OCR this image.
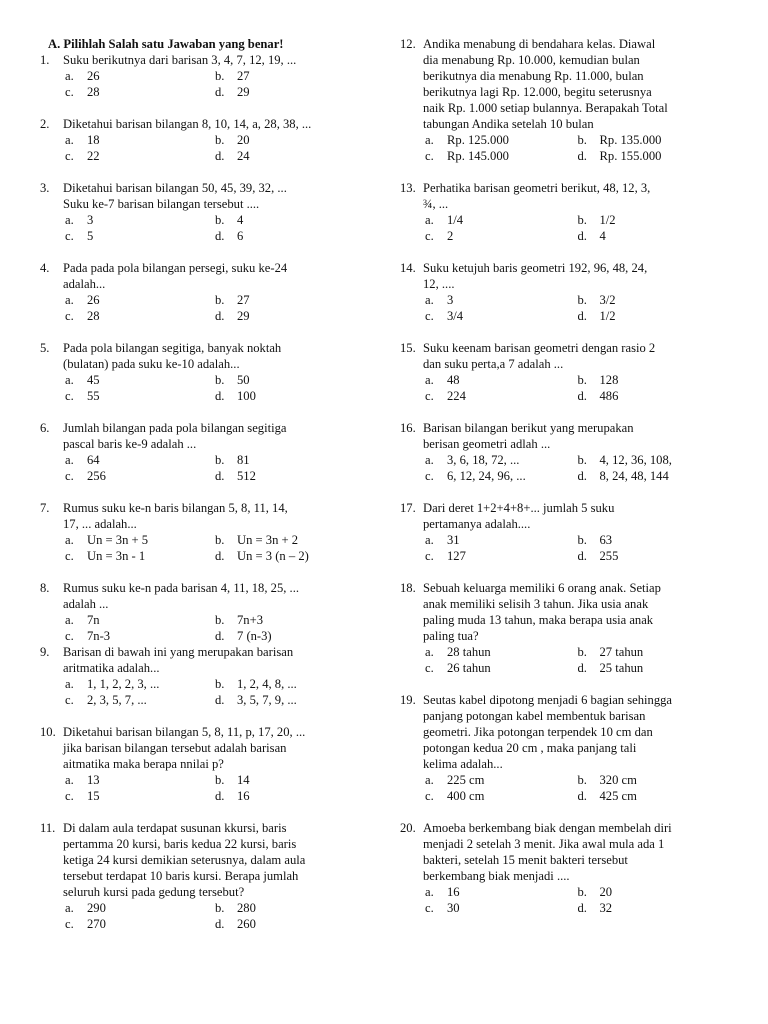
A. Pilihlah Salah satu Jawaban yang benar!
1.	Suku berikutnya dari barisan 3, 4, 7, 12, 19, ...
a.	26	b. 27
c.	28	d. 29
2.	Diketahui barisan bilangan 8, 10, 14, a, 28, 38, ...
a.	18	b. 20
c.	22	d. 24
3.	Diketahui barisan bilangan 50, 45, 39, 32, ...
Suku ke-7 barisan bilangan tersebut ....
a.	3	b. 4
c.	5	d. 6
4.	Pada pada pola bilangan persegi, suku ke-24
adalah...
a.	26	b. 27
c.	28	d. 29
5.	Pada pola bilangan segitiga, banyak noktah
(bulatan) pada suku ke-10 adalah...
a.	45	b. 50
c.	55	d. 100
6.	Jumlah bilangan pada pola bilangan segitiga
pascal baris ke-9 adalah ...
a.	64	b. 81
c.	256	d. 512
7.	Rumus suku ke-n baris bilangan 5, 8, 11, 14,
17, ... adalah...
a.	Un = 3n + 5	b. Un = 3n + 2
c.	Un = 3n - 1	d. Un = 3 (n – 2)
8.	Rumus suku ke-n pada barisan 4, 11, 18, 25, ...
adalah ...
a.	7n	b. 7n+3
c.	7n-3	d. 7 (n-3)
9.	Barisan di bawah ini yang merupakan barisan
aritmatika adalah...
a.	1, 1, 2, 2, 3, ...	b. 1, 2, 4, 8, ...
c.	2, 3, 5, 7, ...	d. 3, 5, 7, 9, ...
10. Diketahui barisan bilangan 5, 8, 11, p, 17, 20, ...
jika barisan bilangan tersebut adalah barisan
aitmatika maka berapa nnilai p?
a.	13	b. 14
c.	15	d. 16
11. Di dalam aula terdapat susunan kkursi, baris
pertamma 20 kursi, baris kedua 22 kursi, baris
ketiga 24 kursi demikian seterusnya, dalam aula
tersebut terdapat 10 baris kursi. Berapa jumlah
seluruh kursi pada gedung tersebut?
a.	290	b. 280
c.	270	d. 260
12. Andika menabung di bendahara kelas. Diawal
dia menabung Rp. 10.000, kemudian bulan
berikutnya dia menabung Rp. 11.000, bulan
berikutnya lagi Rp. 12.000, begitu seterusnya
naik Rp. 1.000 setiap bulannya. Berapakah Total
tabungan Andika setelah 10 bulan
a.	Rp. 125.000	b. Rp. 135.000
c.	Rp. 145.000	d. Rp. 155.000
13. Perhatika barisan geometri berikut, 48, 12, 3,
¾, ...
a.	1/4	b. 1/2
c.	2	d. 4
14. Suku ketujuh baris geometri 192, 96, 48, 24,
12, ....
a.	3	b. 3/2
c.	3/4	d. 1/2
15. Suku keenam barisan geometri dengan rasio 2
dan suku perta,a 7 adalah ...
a.	48	b. 128
c.	224	d. 486
16. Barisan bilangan berikut yang merupakan
berisan geometri adlah ...
a.	3, 6, 18, 72, ...	b. 4, 12, 36, 108,
c.	6, 12, 24, 96, ...	d. 8, 24, 48, 144
17. Dari deret 1+2+4+8+... jumlah 5 suku
pertamanya adalah....
a.	31	b. 63
c.	127	d. 255
18. Sebuah keluarga memiliki 6 orang anak. Setiap
anak memiliki selisih 3 tahun. Jika usia anak
paling muda 13 tahun, maka berapa usia anak
paling tua?
a.	28 tahun	b. 27 tahun
c.	26 tahun	d. 25 tahun
19. Seutas kabel dipotong menjadi 6 bagian sehingga
panjang potongan kabel membentuk barisan
geometri. Jika potongan terpendek 10 cm dan
potongan kedua 20 cm , maka panjang tali
kelima adalah...
a.	225 cm	b. 320 cm
c.	400 cm	d. 425 cm
20. Amoeba berkembang biak dengan membelah diri
menjadi 2 setelah 3 menit. Jika awal mula ada 1
bakteri, setelah 15 menit bakteri tersebut
berkembang biak menjadi ....
a.	16	b. 20
c.	30	d. 32
